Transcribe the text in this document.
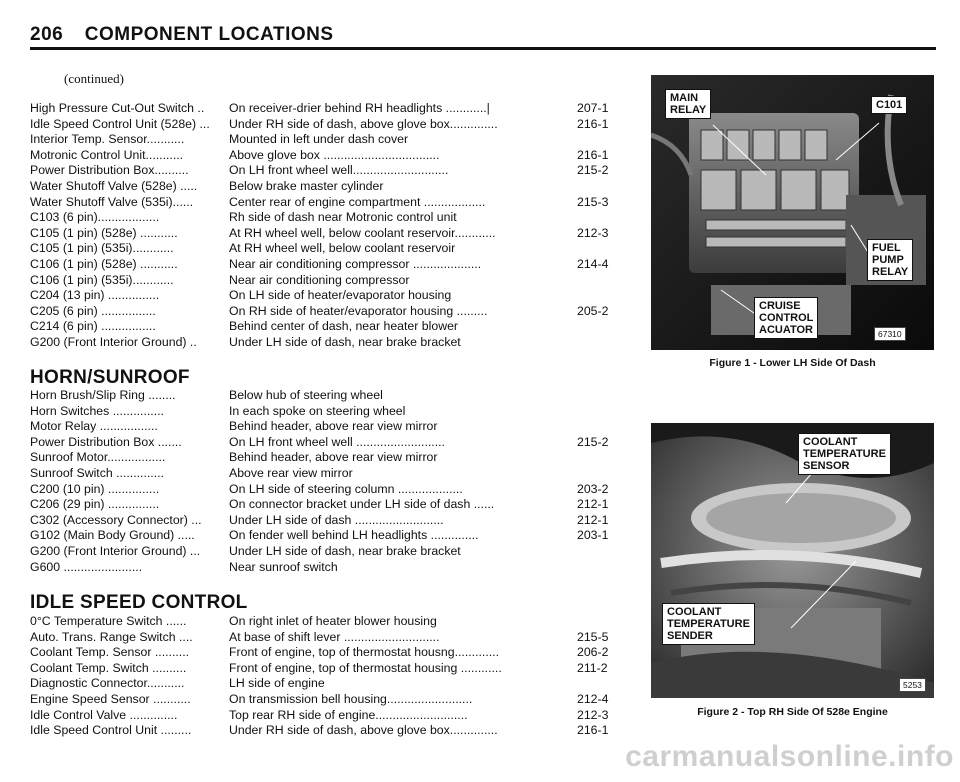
206 COMPONENT LOCATIONS
(continued)
High Pressure Cut-Out Switch ..	On receiver-drier behind RH headlights ............|	207-1
Idle Speed Control Unit (528e) ...	Under RH side of dash, above glove box..............	216-1
Interior Temp. Sensor...........	Mounted in left under dash cover
Motronic Control Unit...........	Above glove box ..................................	216-1
Power Distribution Box..........	On LH front wheel well............................	215-2
Water Shutoff Valve (528e) .....	Below brake master cylinder
Water Shutoff Valve (535i)......	Center rear of engine compartment ..................	215-3
C103 (6 pin)..................	Rh side of dash near Motronic control unit
C105 (1 pin) (528e) ...........	At RH wheel well, below coolant reservoir............	212-3
C105 (1 pin) (535i)............	At RH wheel well, below coolant reservoir
C106 (1 pin) (528e) ...........	Near air conditioning compressor ....................	214-4
C106 (1 pin) (535i)............	Near air conditioning compressor
C204 (13 pin) ...............	On LH side of heater/evaporator housing
C205 (6 pin) ................	On RH side of heater/evaporator housing .........	205-2
C214 (6 pin) ................	Behind center of dash, near heater blower
G200 (Front Interior Ground) ..	Under LH side of dash, near brake bracket
HORN/SUNROOF
Horn Brush/Slip Ring ........	Below hub of steering wheel
Horn Switches ...............	In each spoke on steering wheel
Motor Relay .................	Behind header, above rear view mirror
Power Distribution Box .......	On LH front wheel well ..........................	215-2
Sunroof Motor.................	Behind header, above rear view mirror
Sunroof Switch ..............	Above rear view mirror
C200 (10 pin) ...............	On LH side of steering column ...................	203-2
C206 (29 pin) ...............	On connector bracket under LH side of dash ......	212-1
C302 (Accessory Connector) ...	Under LH side of dash ..........................	212-1
G102 (Main Body Ground) .....	On fender well behind LH headlights ..............	203-1
G200 (Front Interior Ground) ...	Under LH side of dash, near brake bracket
G600 .......................	Near sunroof switch
IDLE SPEED CONTROL
0°C Temperature Switch ......	On right inlet of heater blower housing
Auto. Trans. Range Switch ....	At base of shift lever ............................	215-5
Coolant Temp. Sensor ..........	Front of engine, top of thermostat housng.............	206-2
Coolant Temp. Switch ..........	Front of engine, top of thermostat housing ............	211-2
Diagnostic Connector...........	LH side of engine
Engine Speed Sensor ...........	On transmission bell housing.........................	212-4
Idle Control Valve ..............	Top rear RH side of engine...........................	212-3
Idle Speed Control Unit .........	Under RH side of dash, above glove box..............	216-1
MAIN
RELAY	C101
FUEL
PUMP
RELAY
CRUISE
CONTROL
ACUATOR	67310
Figure 1 - Lower LH Side Of Dash
COOLANT
TEMPERATURE
SENSOR
COOLANT
TEMPERATURE
SENDER
5253
Figure 2 - Top RH Side Of 528e Engine
carmanualsonline.info
